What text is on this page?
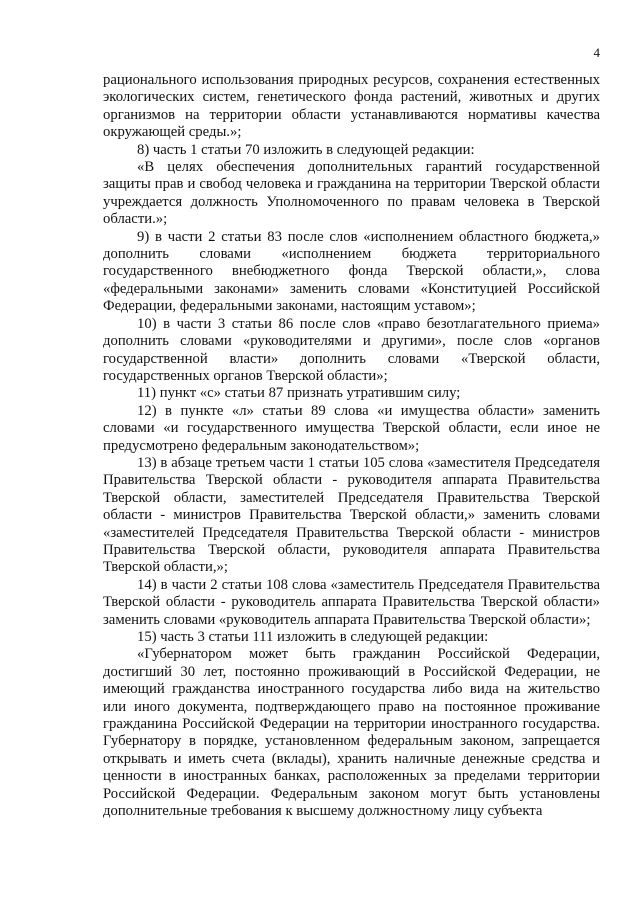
4

рационального использования природных ресурсов, сохранения естественных экологических систем, генетического фонда растений, животных и других организмов на территории области устанавливаются нормативы качества окружающей среды.»;

8) часть 1 статьи 70 изложить в следующей редакции:

«В целях обеспечения дополнительных гарантий государственной защиты прав и свобод человека и гражданина на территории Тверской области учреждается должность Уполномоченного по правам человека в Тверской области.»;

9) в части 2 статьи 83 после слов «исполнением областного бюджета,» дополнить словами «исполнением бюджета территориального государственного внебюджетного фонда Тверской области,», слова «федеральными законами» заменить словами «Конституцией Российской Федерации, федеральными законами, настоящим уставом»;

10) в части 3 статьи 86 после слов «право безотлагательного приема» дополнить словами «руководителями и другими», после слов «органов государственной власти» дополнить словами «Тверской области, государственных органов Тверской области»;

11) пункт «с» статьи 87 признать утратившим силу;

12) в пункте «л» статьи 89 слова «и имущества области» заменить словами «и государственного имущества Тверской области, если иное не предусмотрено федеральным законодательством»;

13) в абзаце третьем части 1 статьи 105 слова «заместителя Председателя Правительства Тверской области - руководителя аппарата Правительства Тверской области, заместителей Председателя Правительства Тверской области - министров Правительства Тверской области,» заменить словами «заместителей Председателя Правительства Тверской области - министров Правительства Тверской области, руководителя аппарата Правительства Тверской области,»;

14) в части 2 статьи 108 слова «заместитель Председателя Правительства Тверской области - руководитель аппарата Правительства Тверской области» заменить словами «руководитель аппарата Правительства Тверской области»;

15) часть 3 статьи 111 изложить в следующей редакции:

«Губернатором может быть гражданин Российской Федерации, достигший 30 лет, постоянно проживающий в Российской Федерации, не имеющий гражданства иностранного государства либо вида на жительство или иного документа, подтверждающего право на постоянное проживание гражданина Российской Федерации на территории иностранного государства. Губернатору в порядке, установленном федеральным законом, запрещается открывать и иметь счета (вклады), хранить наличные денежные средства и ценности в иностранных банках, расположенных за пределами территории Российской Федерации. Федеральным законом могут быть установлены дополнительные требования к высшему должностному лицу субъекта
